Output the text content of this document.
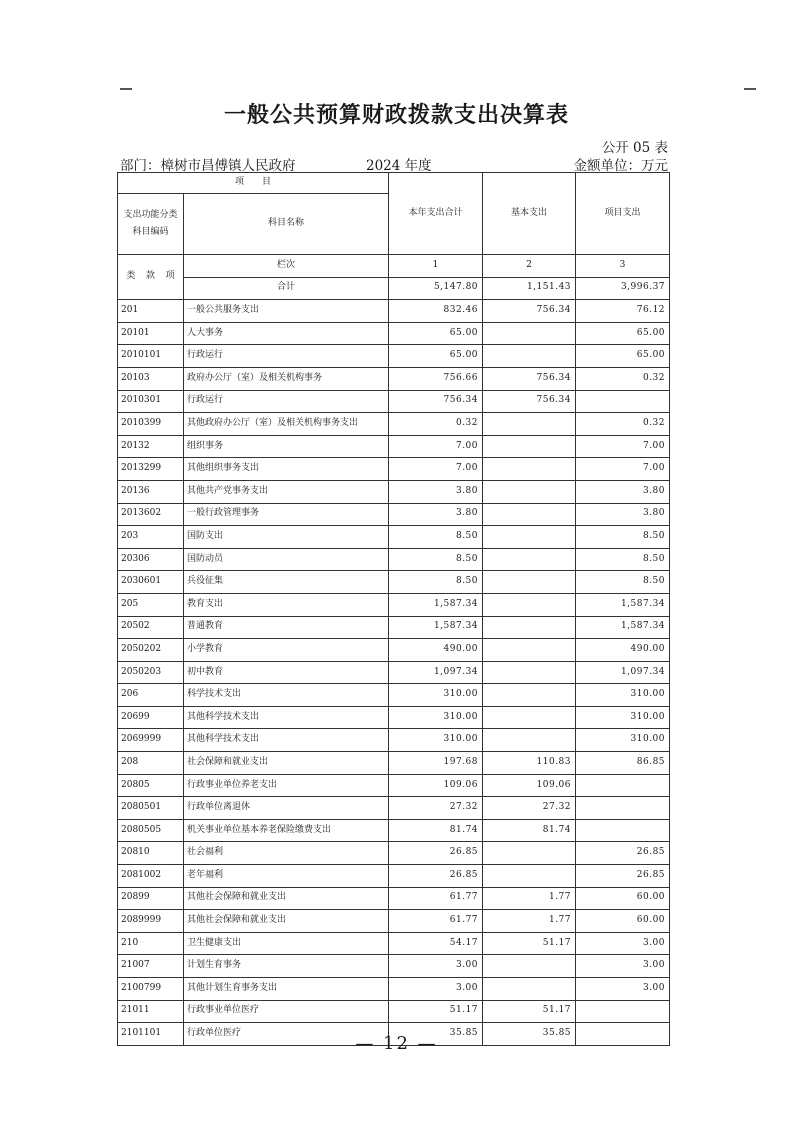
一般公共预算财政拨款支出决算表
公开 05 表
部门：樟树市昌傅镇人民政府	2024 年度	金额单位：万元
项　　目		本年支出合计	基本支出	项目支出

支出功能分类
科目编码	科目名称			

类 款 项	栏次	1	2	3
	合计	5,147.80	1,151.43	3,996.37
201	一般公共服务支出	832.46	756.34	76.12
20101	人大事务	65.00		65.00
2010101	行政运行	65.00		65.00
20103	政府办公厅（室）及相关机构事务	756.66	756.34	0.32
2010301	行政运行	756.34	756.34	
2010399	其他政府办公厅（室）及相关机构事务支出	0.32		0.32
20132	组织事务	7.00		7.00
2013299	其他组织事务支出	7.00		7.00
20136	其他共产党事务支出	3.80		3.80
2013602	一般行政管理事务	3.80		3.80
203	国防支出	8.50		8.50
20306	国防动员	8.50		8.50
2030601	兵役征集	8.50		8.50
205	教育支出	1,587.34		1,587.34
20502	普通教育	1,587.34		1,587.34
2050202	小学教育	490.00		490.00
2050203	初中教育	1,097.34		1,097.34
206	科学技术支出	310.00		310.00
20699	其他科学技术支出	310.00		310.00
2069999	其他科学技术支出	310.00		310.00
208	社会保障和就业支出	197.68	110.83	86.85
20805	行政事业单位养老支出	109.06	109.06	
2080501	行政单位离退休	27.32	27.32	
2080505	机关事业单位基本养老保险缴费支出	81.74	81.74	
20810	社会福利	26.85		26.85
2081002	老年福利	26.85		26.85
20899	其他社会保障和就业支出	61.77	1.77	60.00
2089999	其他社会保障和就业支出	61.77	1.77	60.00
210	卫生健康支出	54.17	51.17	3.00
21007	计划生育事务	3.00		3.00
2100799	其他计划生育事务支出	3.00		3.00
21011	行政事业单位医疗	51.17	51.17	
2101101	行政单位医疗	35.85	35.85	
— 12 —
